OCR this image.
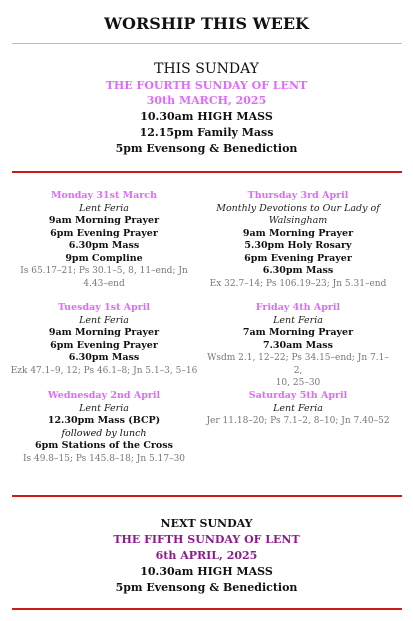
WORSHIP THIS WEEK
THIS SUNDAY
THE FOURTH SUNDAY OF LENT
30th MARCH, 2025
10.30am HIGH MASS
12.15pm Family Mass
5pm Evensong & Benediction
Monday 31st March
Lent Feria
9am Morning Prayer
6pm Evening Prayer
6.30pm Mass
9pm Compline
Is 65.17–21; Ps 30.1–5, 8, 11–end; Jn
4.43–end
Thursday 3rd April
Monthly Devotions to Our Lady of
Walsingham
9am Morning Prayer
5.30pm Holy Rosary
6pm Evening Prayer
6.30pm Mass
Ex 32.7–14; Ps 106.19–23; Jn 5.31–end
Tuesday 1st April
Lent Feria
9am Morning Prayer
6pm Evening Prayer
6.30pm Mass
Ezk 47.1–9, 12; Ps 46.1–8; Jn 5.1–3, 5–16
Friday 4th April
Lent Feria
7am Morning Prayer
7.30am Mass
Wsdm 2.1, 12–22; Ps 34.15–end; Jn 7.1–2,
10, 25–30
Wednesday 2nd April
Lent Feria
12.30pm Mass (BCP)
followed by lunch
6pm Stations of the Cross
Is 49.8–15; Ps 145.8–18; Jn 5.17–30
Saturday 5th April
Lent Feria
Jer 11.18–20; Ps 7.1–2, 8–10; Jn 7.40–52
NEXT SUNDAY
THE FIFTH SUNDAY OF LENT
6th APRIL, 2025
10.30am HIGH MASS
5pm Evensong & Benediction
